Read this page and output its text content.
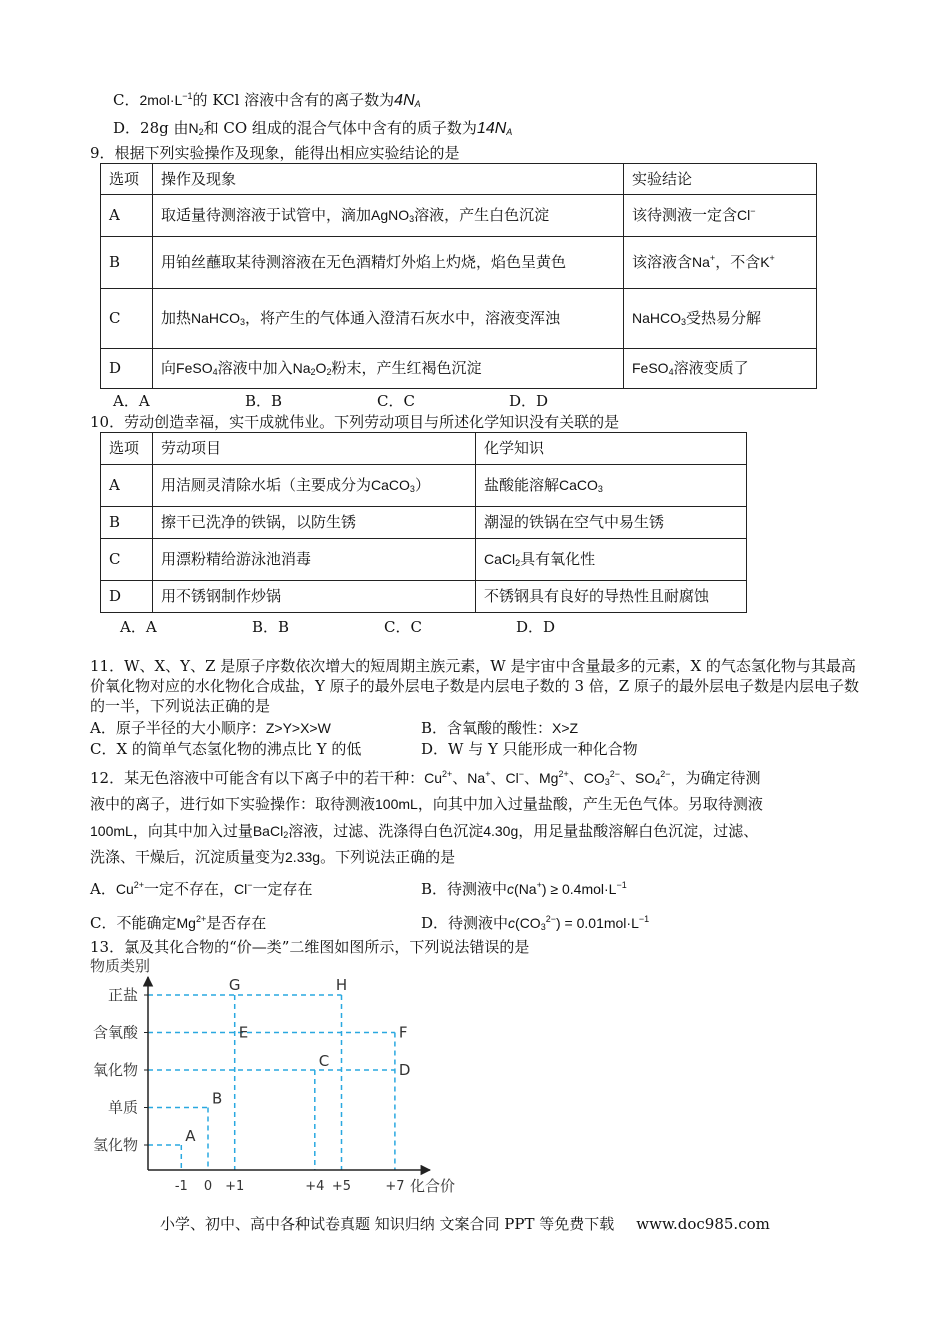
C．$2mol\cdot L^{-1}$的 KCl 溶液中含有的离子数为$4N_A$
D．28g 由$N_2$和 CO 组成的混合气体中含有的质子数为$14N_A$
9．根据下列实验操作及现象，能得出相应实验结论的是
选项	操作及现象	实验结论
A	取适量待测溶液于试管中，滴加AgNO$_3$溶液，产生白色沉淀	该待测液一定含Cl−
B	用铂丝蘸取某待测溶液在无色酒精灯外焰上灼烧，焰色呈黄色	该溶液含Na+，不含K+
C	加热NaHCO$_3$，将产生的气体通入澄清石灰水中，溶液变浑浊	NaHCO$_3$受热易分解
D	向FeSO$_4$溶液中加入$Na_2O_2$粉末，产生红褐色沉淀	FeSO$_4$溶液变质了
A．A	B．B	C．C	D．D
10．劳动创造幸福，实干成就伟业。下列劳动项目与所述化学知识没有关联的是
选项	劳动项目	化学知识
A	用洁厕灵清除水垢（主要成分为CaCO$_3$）	盐酸能溶解CaCO$_3$
B	擦干已洗净的铁锅，以防生锈	潮湿的铁锅在空气中易生锈
C	用漂粉精给游泳池消毒	CaCl$_2$具有氧化性
D	用不锈钢制作炒锅	不锈钢具有良好的导热性且耐腐蚀
A．A	B．B	C．C	D．D
11．W、X、Y、Z 是原子序数依次增大的短周期主族元素，W 是宇宙中含量最多的元素，X 的气态氢化物与其最高价氧化物对应的水化物化合成盐，Y 原子的最外层电子数是内层电子数的 3 倍，Z 原子的最外层电子数是内层电子数的一半，下列说法正确的是
A．原子半径的大小顺序：Z>Y>X>W	B．含氧酸的酸性：X>Z
C．X 的简单气态氢化物的沸点比 Y 的低	D．W 与 Y 只能形成一种化合物
12．某无色溶液中可能含有以下离子中的若干种：$Cu^{2+}$、Na+、Cl−、$Mg^{2+}$、$CO_3^{2-}$、$SO_4^{2-}$，为确定待测
液中的离子，进行如下实验操作：取待测液100mL，向其中加入过量盐酸，产生无色气体。另取待测液
100mL，向其中加入过量BaCl$_2$溶液，过滤、洗涤得白色沉淀4.30g，用足量盐酸溶解白色沉淀，过滤、
洗涤、干燥后，沉淀质量变为2.33g。下列说法正确的是
A．$Cu^{2+}$一定不存在，Cl−一定存在	B．待测液中$c(Na^+) \ge 0.4mol\cdot L^{-1}$
C．不能确定$Mg^{2+}$是否存在	D．待测液中$c(CO_3^{2-}) = 0.01mol\cdot L^{-1}$
13．氯及其化合物的“价—类”二维图如图所示，下列说法错误的是
物质类别
化合价
氢化物
单质
氧化物
含氧酸
正盐
-1 0 +1	+4 +5	+7
A
B
C	D
E	F
G	H
小学、初中、高中各种试卷真题 知识归纳 文案合同 PPT 等免费下载 www.doc985.com
